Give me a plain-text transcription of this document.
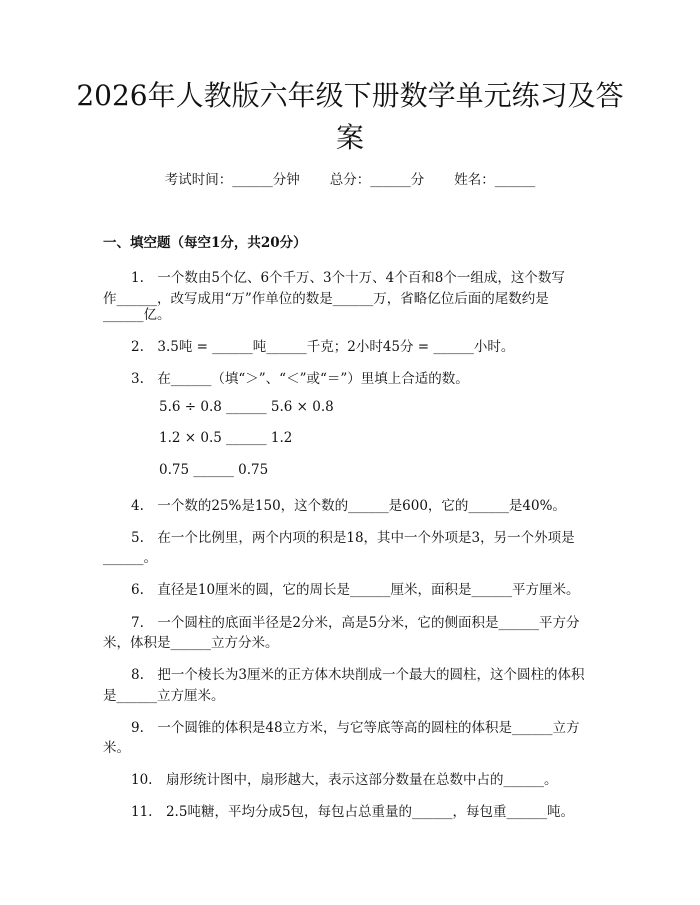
2026年人教版六年级下册数学单元练习及答
案
考试时间：______分钟 总分：______分 姓名：______
一、填空题（每空1分，共20分）
1.　一个数由5个亿、6个千万、3个十万、4个百和8个一组成，这个数写
作______，改写成用“万”作单位的数是______万，省略亿位后面的尾数约是
______亿。
2.　3.5吨 = ______吨______千克；2小时45分 = ______小时。
3.　在______（填“＞”、“＜”或“＝”）里填上合适的数。
5.6 ÷ 0.8 ______ 5.6 × 0.8
1.2 × 0.5 ______ 1.2
0.75 ______ 0.75
4.　一个数的25%是150，这个数的______是600，它的______是40%。
5.　在一个比例里，两个内项的积是18，其中一个外项是3，另一个外项是
______。
6.　直径是10厘米的圆，它的周长是______厘米，面积是______平方厘米。
7.　一个圆柱的底面半径是2分米，高是5分米，它的侧面积是______平方分
米，体积是______立方分米。
8.　把一个棱长为3厘米的正方体木块削成一个最大的圆柱，这个圆柱的体积
是______立方厘米。
9.　一个圆锥的体积是48立方米，与它等底等高的圆柱的体积是______立方
米。
10.　扇形统计图中，扇形越大，表示这部分数量在总数中占的______。
11.　2.5吨糖，平均分成5包，每包占总重量的______，每包重______吨。
